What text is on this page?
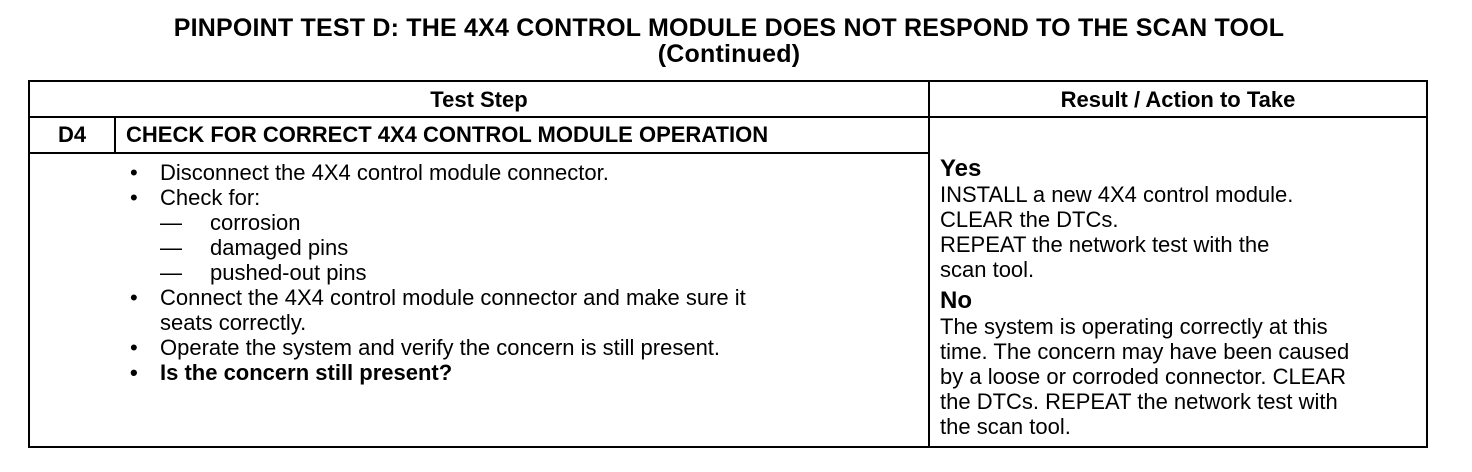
PINPOINT TEST D: THE 4X4 CONTROL MODULE DOES NOT RESPOND TO THE SCAN TOOL
(Continued)
Test Step	Result / Action to Take
D4	CHECK FOR CORRECT 4X4 CONTROL MODULE OPERATION
•	Disconnect the 4X4 control module connector.
•	Check for:
—	corrosion
—	damaged pins
—	pushed-out pins
•	Connect the 4X4 control module connector and make sure it
seats correctly.
•	Operate the system and verify the concern is still present.
•	Is the concern still present?
Yes
INSTALL a new 4X4 control module.
CLEAR the DTCs.
REPEAT the network test with the
scan tool.
No
The system is operating correctly at this
time. The concern may have been caused
by a loose or corroded connector. CLEAR
the DTCs. REPEAT the network test with
the scan tool.
